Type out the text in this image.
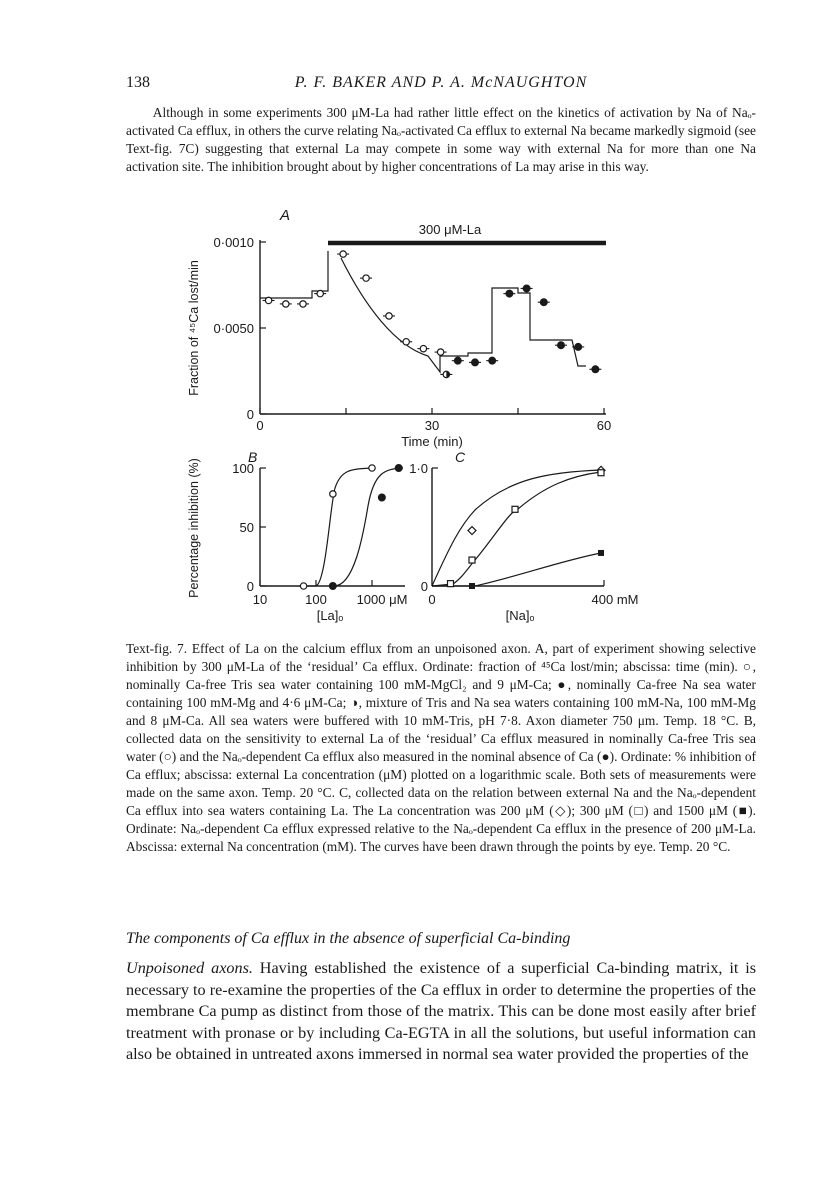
138	P. F. BAKER AND P. A. McNAUGHTON

Although in some experiments 300 μM-La had rather little effect on the kinetics of activation by Na of Naₒ-activated Ca efflux, in others the curve relating Naₒ-activated Ca efflux to external Na became markedly sigmoid (see Text-fig. 7C) suggesting that external La may compete in some way with external Na for more than one Na activation site. The inhibition brought about by higher concentrations of La may arise in this way.

A
300 μM-La
0
0·0050
0·0010
0	30	60
Time (min)
Fraction of ⁴⁵Ca lost/min
B
0
50
100
10	100 1000 μM
[La]ₒ
Percentage inhibition (%)
C
0
1·0
0	400 mM
[Na]ₒ

Text-fig. 7. Effect of La on the calcium efflux from an unpoisoned axon. A, part of experiment showing selective inhibition by 300 μM-La of the ‘residual’ Ca efflux. Ordinate: fraction of ⁴⁵Ca lost/min; abscissa: time (min). ○, nominally Ca-free Tris sea water containing 100 mM-MgCl₂ and 9 μM-Ca; ●, nominally Ca-free Na sea water containing 100 mM-Mg and 4·6 μM-Ca; ◑, mixture of Tris and Na sea waters containing 100 mM-Na, 100 mM-Mg and 8 μM-Ca. All sea waters were buffered with 10 mM-Tris, pH 7·8. Axon diameter 750 μm. Temp. 18 °C. B, collected data on the sensitivity to external La of the ‘residual’ Ca efflux measured in nominally Ca-free Tris sea water (○) and the Naₒ-dependent Ca efflux also measured in the nominal absence of Ca (●). Ordinate: % inhibition of Ca efflux; abscissa: external La concentration (μM) plotted on a logarithmic scale. Both sets of measurements were made on the same axon. Temp. 20 °C. C, collected data on the relation between external Na and the Naₒ-dependent Ca efflux into sea waters containing La. The La concentration was 200 μM (◇); 300 μM (□) and 1500 μM (■). Ordinate: Naₒ-dependent Ca efflux expressed relative to the Naₒ-dependent Ca efflux in the presence of 200 μM-La. Abscissa: external Na concentration (mM). The curves have been drawn through the points by eye. Temp. 20 °C.

The components of Ca efflux in the absence of superficial Ca-binding

Unpoisoned axons. Having established the existence of a superficial Ca-binding matrix, it is necessary to re-examine the properties of the Ca efflux in order to determine the properties of the membrane Ca pump as distinct from those of the matrix. This can be done most easily after brief treatment with pronase or by including Ca-EGTA in all the solutions, but useful information can also be obtained in untreated axons immersed in normal sea water provided the properties of the
